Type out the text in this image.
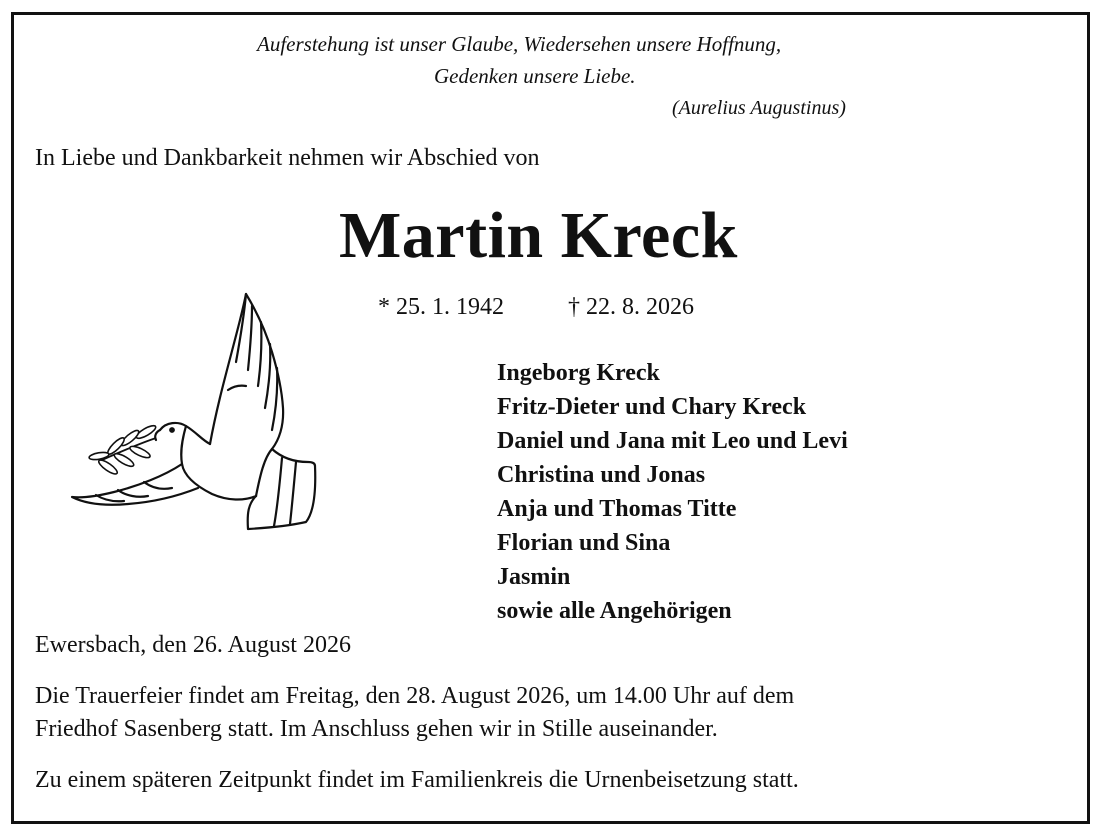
Auferstehung ist unser Glaube, Wiedersehen unsere Hoffnung,
Gedenken unsere Liebe.
(Aurelius Augustinus)
In Liebe und Dankbarkeit nehmen wir Abschied von
Martin Kreck
* 25. 1. 1942	† 22. 8. 2026
Ingeborg Kreck
Fritz-Dieter und Chary Kreck
Daniel und Jana mit Leo und Levi
Christina und Jonas
Anja und Thomas Titte
Florian und Sina
Jasmin
sowie alle Angehörigen
Ewersbach, den 26. August 2026
Die Trauerfeier findet am Freitag, den 28. August 2026, um 14.00 Uhr auf dem
Friedhof Sasenberg statt. Im Anschluss gehen wir in Stille auseinander.
Zu einem späteren Zeitpunkt findet im Familienkreis die Urnenbeisetzung statt.
